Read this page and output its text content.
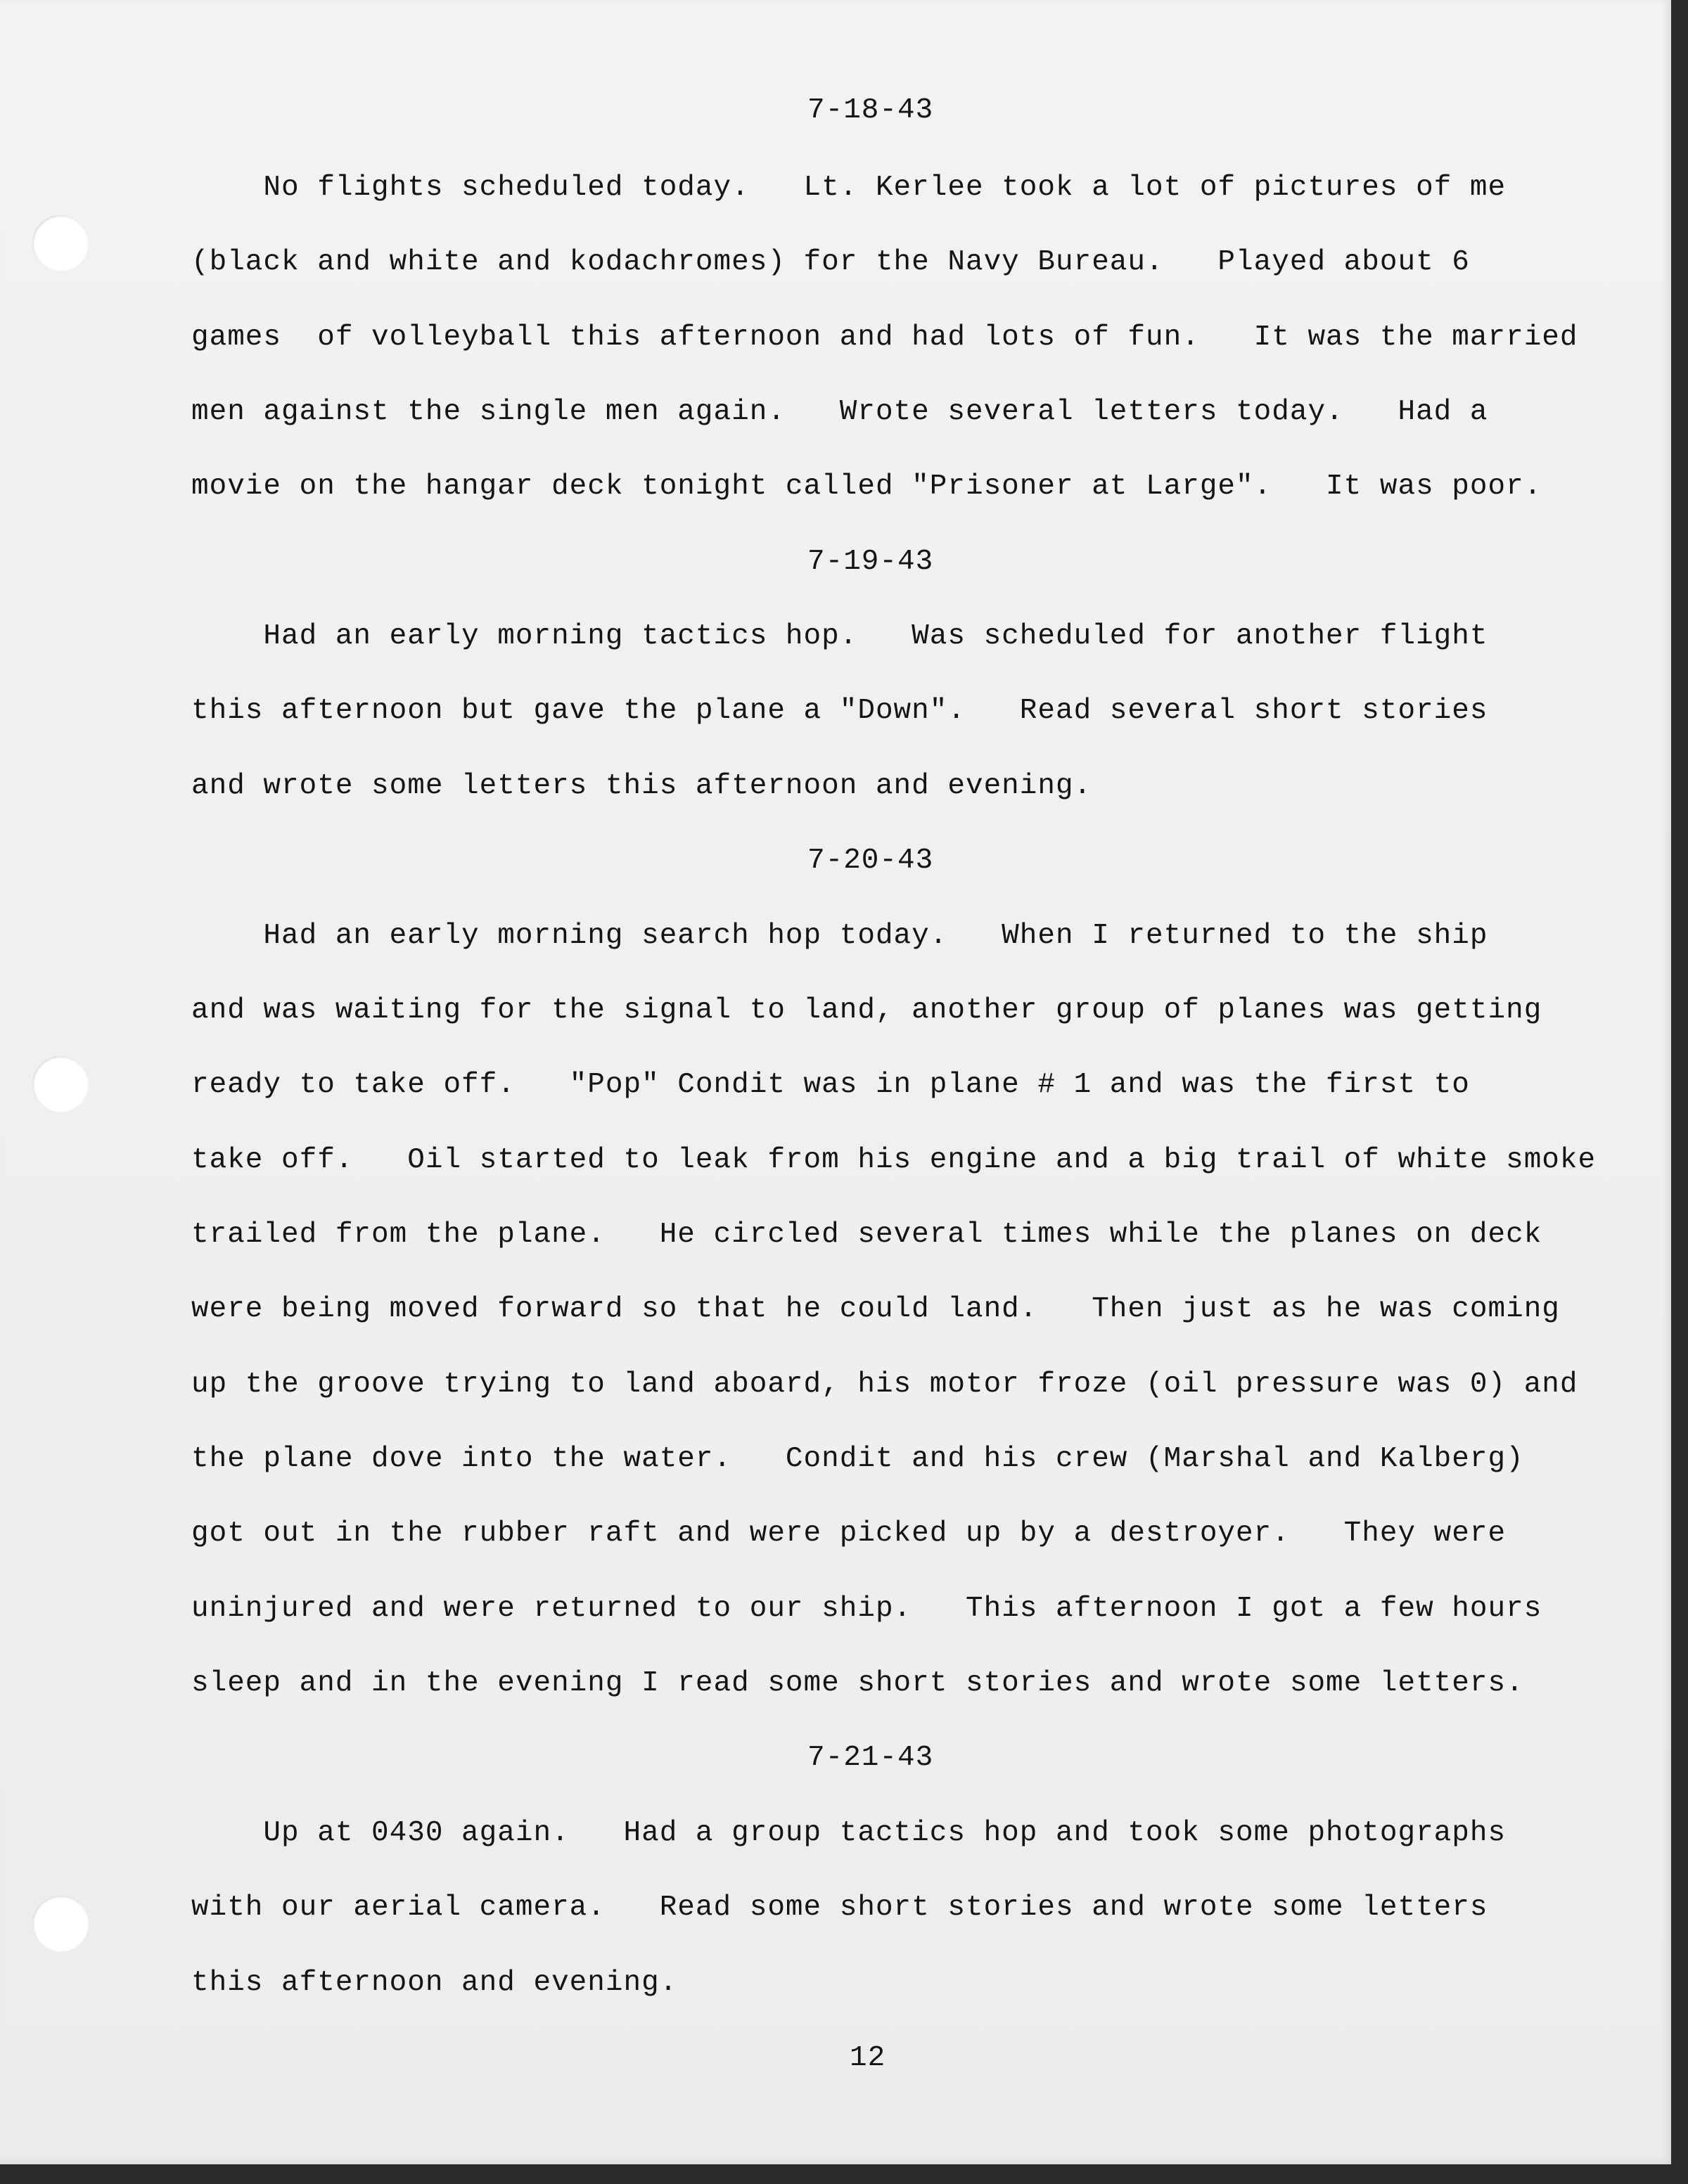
7-18-43
No flights scheduled today.   Lt. Kerlee took a lot of pictures of me
(black and white and kodachromes) for the Navy Bureau.   Played about 6
games  of volleyball this afternoon and had lots of fun.   It was the married
men against the single men again.   Wrote several letters today.   Had a
movie on the hangar deck tonight called "Prisoner at Large".   It was poor.
7-19-43
Had an early morning tactics hop.   Was scheduled for another flight
this afternoon but gave the plane a "Down".   Read several short stories
and wrote some letters this afternoon and evening.
7-20-43
Had an early morning search hop today.   When I returned to the ship
and was waiting for the signal to land, another group of planes was getting
ready to take off.   "Pop" Condit was in plane # 1 and was the first to
take off.   Oil started to leak from his engine and a big trail of white smoke
trailed from the plane.   He circled several times while the planes on deck
were being moved forward so that he could land.   Then just as he was coming
up the groove trying to land aboard, his motor froze (oil pressure was 0) and
the plane dove into the water.   Condit and his crew (Marshal and Kalberg)
got out in the rubber raft and were picked up by a destroyer.   They were
uninjured and were returned to our ship.   This afternoon I got a few hours
sleep and in the evening I read some short stories and wrote some letters.
7-21-43
Up at 0430 again.   Had a group tactics hop and took some photographs
with our aerial camera.   Read some short stories and wrote some letters
this afternoon and evening.
12
